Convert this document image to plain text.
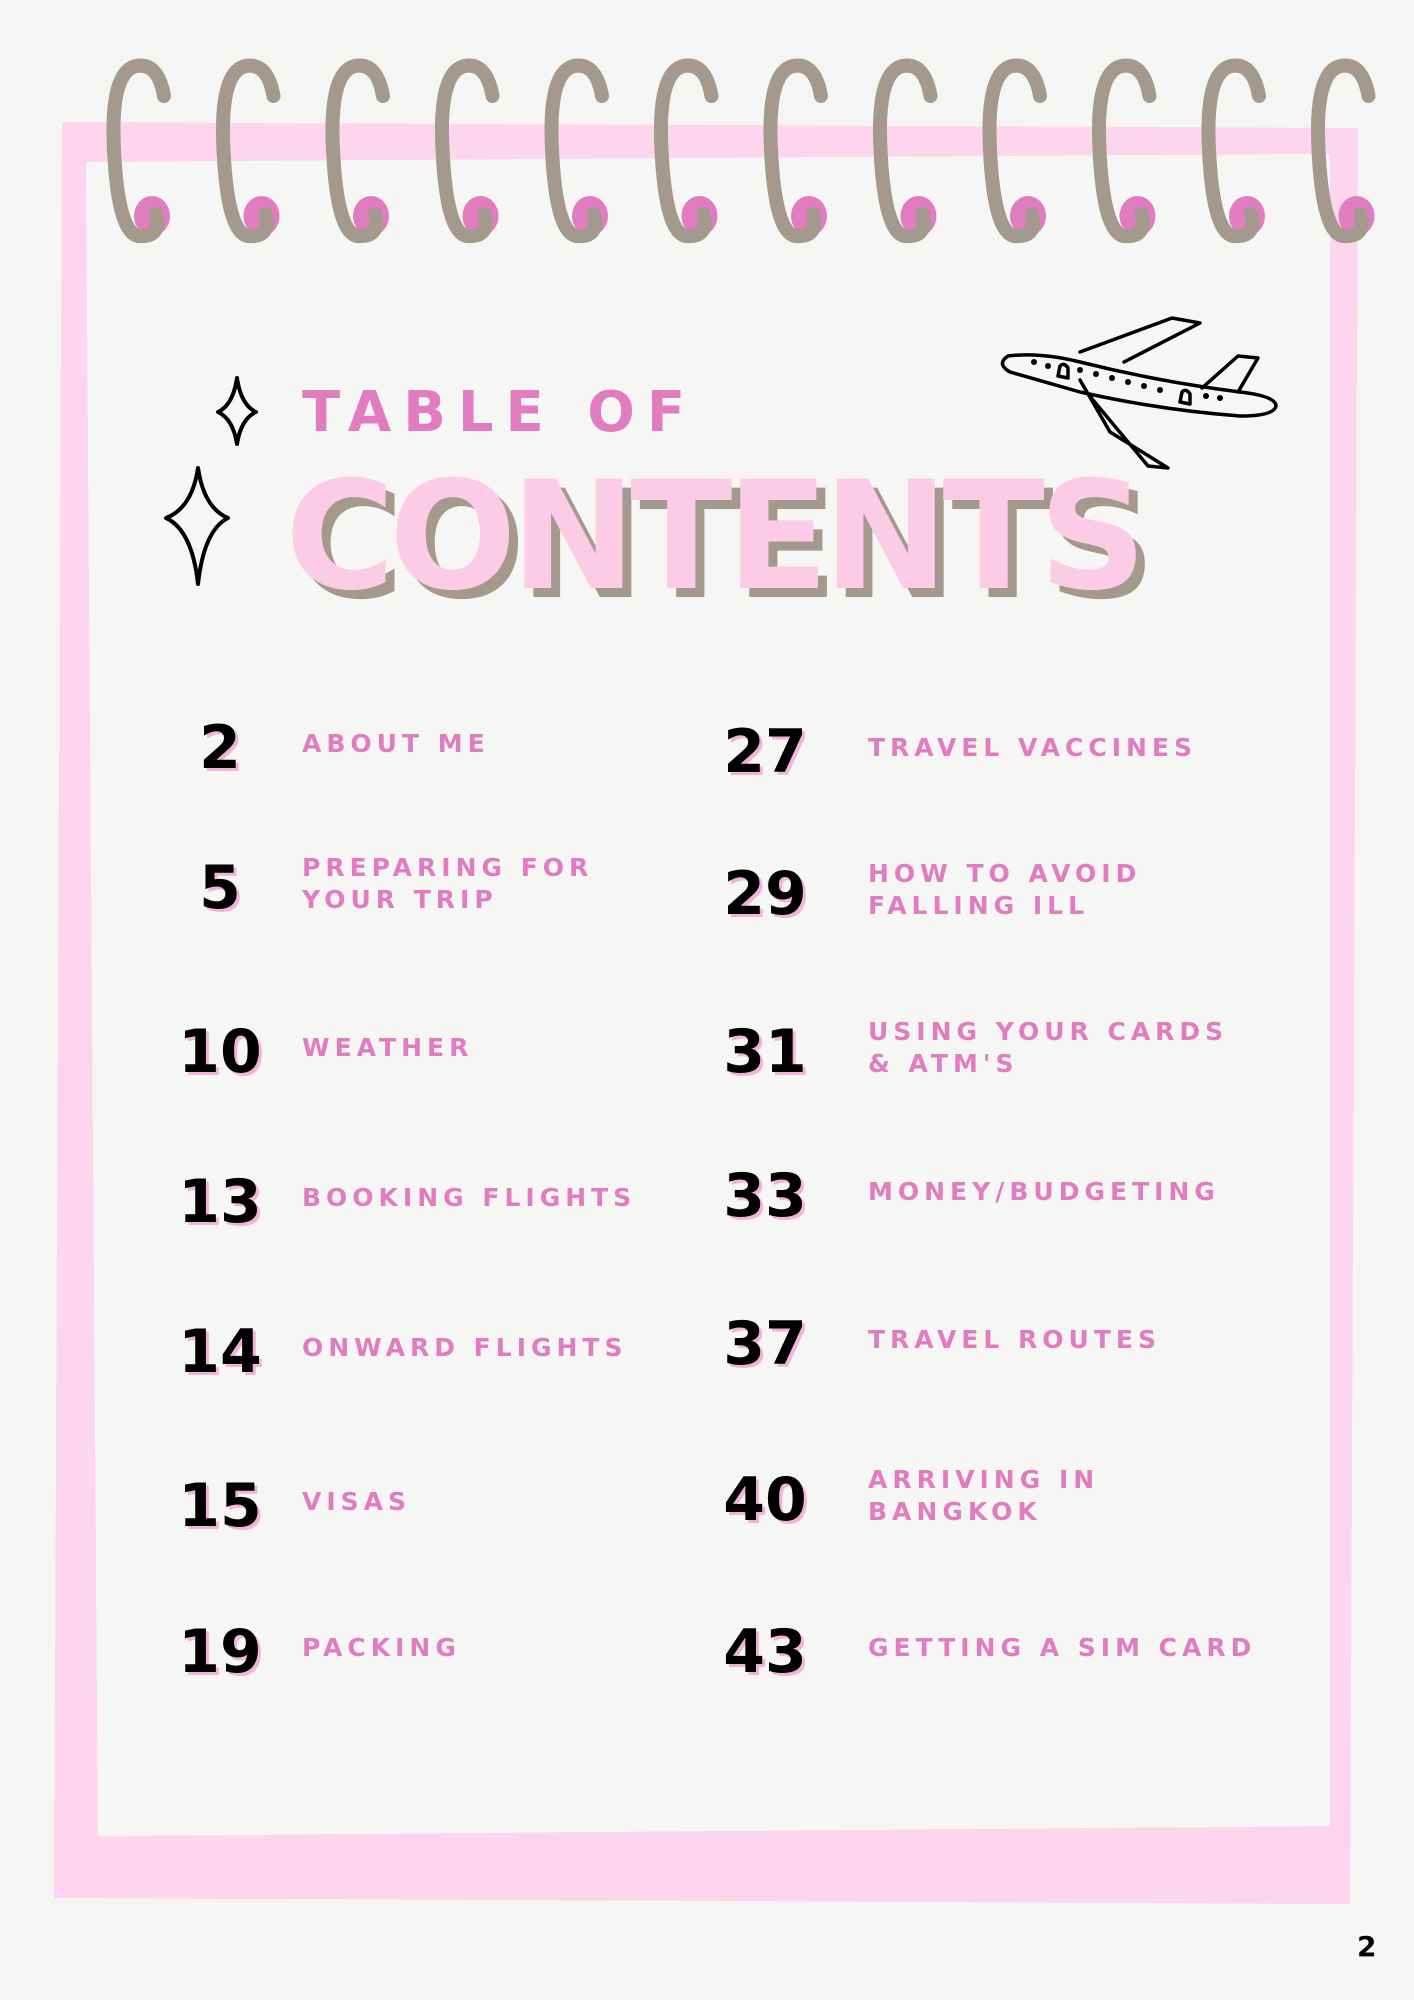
TABLE OF
CONTENTS
2	ABOUT ME
5	PREPARING FOR
YOUR TRIP
10	WEATHER
13	BOOKING FLIGHTS
14	ONWARD FLIGHTS
15	VISAS
19	PACKING
27	TRAVEL VACCINES
29	HOW TO AVOID
FALLING ILL
31	USING YOUR CARDS
& ATM'S
33	MONEY/BUDGETING
37	TRAVEL ROUTES
40	ARRIVING IN
BANGKOK
43	GETTING A SIM CARD
2
